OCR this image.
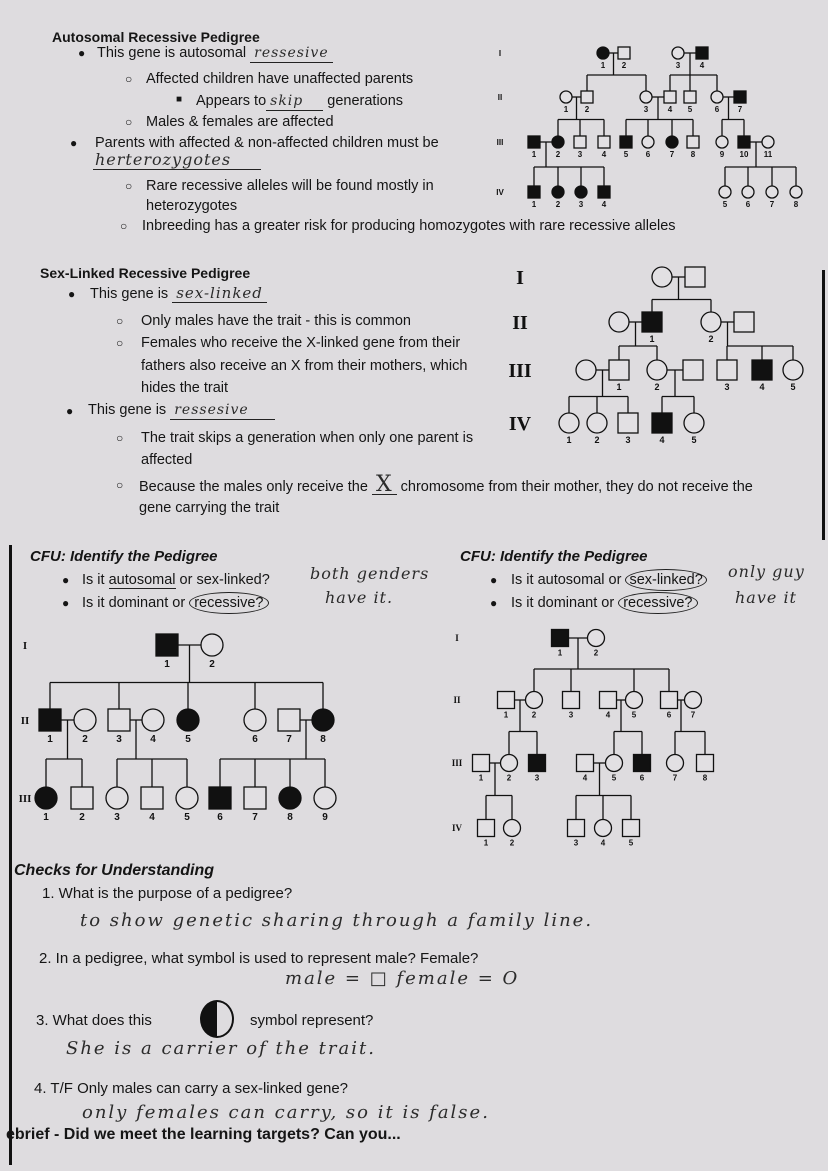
Autosomal Recessive Pedigree
● This gene is autosomal ressesive
○ Affected children have unaffected parents
■ Appears to skip generations
○ Males & females are affected
● Parents with affected & non-affected children must be
herterozygotes
○ Rare recessive alleles will be found mostly in
heterozygotes
○ Inbreeding has a greater risk for producing homozygotes with rare recessive alleles
Sex-Linked Recessive Pedigree
● This gene is sex-linked
○ Only males have the trait - this is common
○ Females who receive the X-linked gene from their
fathers also receive an X from their mothers, which
hides the trait
● This gene is ressesive
○ The trait skips a generation when only one parent is
affected
○ Because the males only receive the X chromosome from their mother, they do not receive the
gene carrying the trait
CFU: Identify the Pedigree
● Is it autosomal or sex-linked?
● Is it dominant or recessive?
both genders
have it.
CFU: Identify the Pedigree
● Is it autosomal or sex-linked?
● Is it dominant or recessive?
only guy
have it
Checks for Understanding
1. What is the purpose of a pedigree?
to show genetic sharing through a family line.
2. In a pedigree, what symbol is used to represent male? Female?
male = □ female = O
3. What does this	symbol represent?
She is a carrier of the trait.
4. T/F Only males can carry a sex-linked gene?
only females can carry, so it is false.
ebrief - Did we meet the learning targets? Can you...
I
II
III
IV
1 2	3 4
1 2	3 4 5	6 7
1 2 3 4 5 6 7 8	9 10 11
1 2 3 4	5 6 7 8
I
II
III
IV
1	2
1	2	3	4	5
1	2	3	4	5
I
II
III
1	2
1	2	3	4	5	6	7	8
1	2	3	4	5	6	7	8	9
I
II
III
IV
1	2
1	2	3	4	5	6 7
1	2	3	4	5	6	7	8
1	2	3	4	5
